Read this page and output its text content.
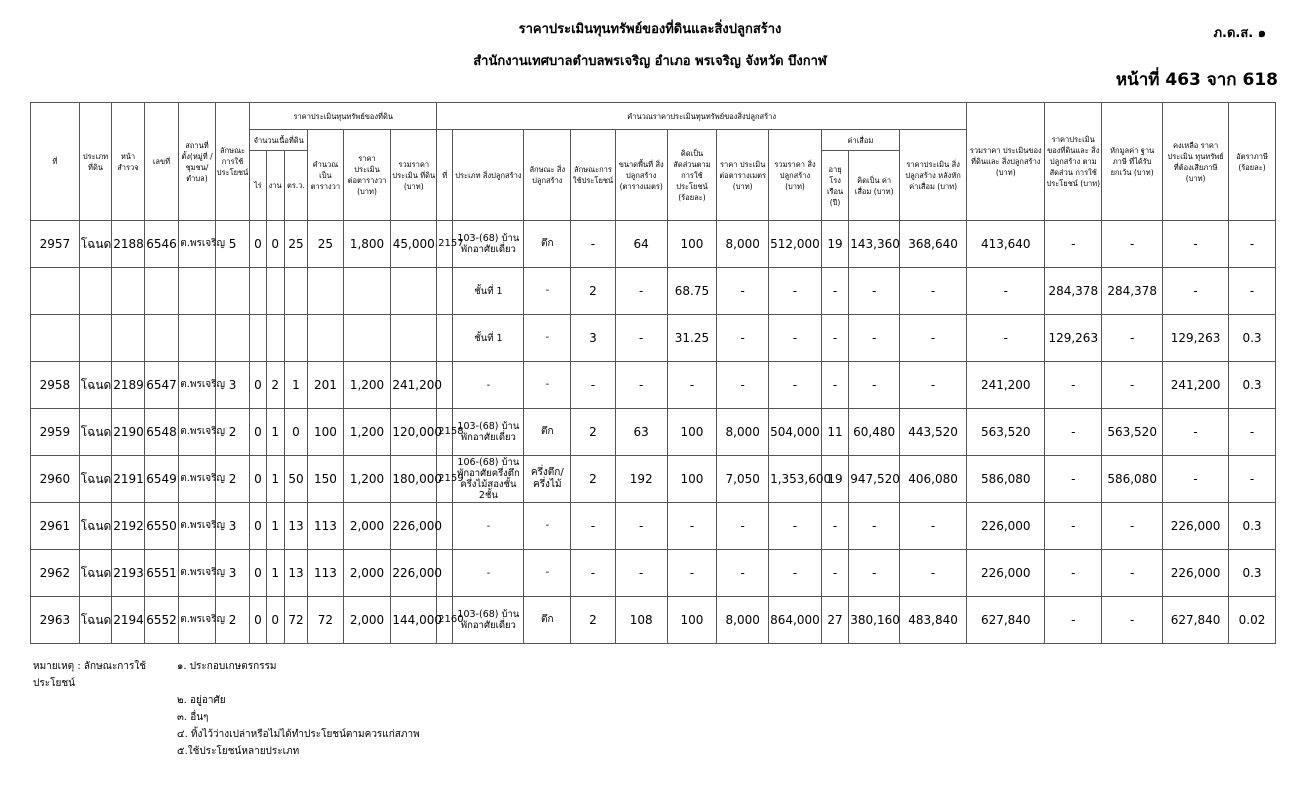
ราคาประเมินทุนทรัพย์ของที่ดินและสิ่งปลูกสร้าง
สำนักงานเทศบาลตำบลพรเจริญ อำเภอ พรเจริญ จังหวัด บึงกาฬ
ภ.ด.ส. ๑
หน้าที่ 463 จาก 618
ที่	ประเภท ที่ดิน	หน้า สำรวจ	เลขที่	สถานที่ ตั้ง(หมู่ที่ /ชุมชน/ ตำบล)	ลักษณะ การใช้ ประโยชน์	ราคาประเมินทุนทรัพย์ของที่ดิน						คำนวณราคาประเมินทุนทรัพย์ของสิ่งปลูกสร้าง											รวมราคา ประเมินของ ที่ดินและ สิ่งปลูกสร้าง (บาท)	ราคาประเมิน ของที่ดินและ สิ่งปลูกสร้าง ตามสัดส่วน การใช้ประโยชน์ (บาท)	หักมูลค่า ฐานภาษี ที่ได้รับ ยกเว้น (บาท)	คงเหลือ ราคาประเมิน ทุนทรัพย์ ที่ต้องเสียภาษี (บาท)	อัตราภาษี (ร้อยละ)
						จำนวนเนื้อที่ดิน			คำนวณ เป็น ตารางวา	ราคา ประเมิน ต่อตารางวา (บาท)	รวมราคา ประเมิน ที่ดิน (บาท)	ที่	ประเภท สิ่งปลูกสร้าง	ลักษณะ สิ่งปลูกสร้าง	ลักษณะการ ใช้ประโยชน์	ขนาดพื้นที่ สิ่งปลูกสร้าง (ตารางเมตร)	คิดเป็น สัดส่วนตาม การใช้ ประโยชน์ (ร้อยละ)	ราคา ประเมิน ต่อตารางเมตร (บาท)	รวมราคา สิ่งปลูกสร้าง (บาท)	ค่าเสื่อม		ราคาประเมิน สิ่งปลูกสร้าง หลังหัก ค่าเสื่อม (บาท)					
						ไร่	งาน	ตร.ว.												อายุ โรงเรือน (ปี)	คิดเป็น ค่าเสื่อม (บาท)						
2957	โฉนด	2188	6546	ต.พรเจริญ	5	0	0	25	25	1,800	45,000	2157	103-(68) บ้านพักอาศัยเดี่ยว	ตึก	-	64	100	8,000	512,000	19	143,360	368,640	413,640	-	-	-	-
													ชั้นที่ 1	-	2	-	68.75	-	-	-	-	-	-	284,378	284,378	-	-
													ชั้นที่ 1	-	3	-	31.25	-	-	-	-	-	-	129,263	-	129,263	0.3
2958	โฉนด	2189	6547	ต.พรเจริญ	3	0	2	1	201	1,200	241,200		-	-	-	-	-	-	-	-	-	-	241,200	-	-	241,200	0.3
2959	โฉนด	2190	6548	ต.พรเจริญ	2	0	1	0	100	1,200	120,000	2158	103-(68) บ้านพักอาศัยเดี่ยว	ตึก	2	63	100	8,000	504,000	11	60,480	443,520	563,520	-	563,520	-	-
2960	โฉนด	2191	6549	ต.พรเจริญ	2	0	1	50	150	1,200	180,000	2159	106-(68) บ้านพักอาศัยครึ่งตึกครึ่งไม้สองชั้น 2ชั้น	ครึ่งตึก/ครึ่งไม้	2	192	100	7,050	1,353,600	19	947,520	406,080	586,080	-	586,080	-	-
2961	โฉนด	2192	6550	ต.พรเจริญ	3	0	1	13	113	2,000	226,000		-	-	-	-	-	-	-	-	-	-	226,000	-	-	226,000	0.3
2962	โฉนด	2193	6551	ต.พรเจริญ	3	0	1	13	113	2,000	226,000		-	-	-	-	-	-	-	-	-	-	226,000	-	-	226,000	0.3
2963	โฉนด	2194	6552	ต.พรเจริญ	2	0	0	72	72	2,000	144,000	2160	103-(68) บ้านพักอาศัยเดี่ยว	ตึก	2	108	100	8,000	864,000	27	380,160	483,840	627,840	-	-	627,840	0.02
หมายเหตุ : ลักษณะการใช้ประโยชน์
๑. ประกอบเกษตรกรรม
๒. อยู่อาศัย
๓. อื่นๆ
๔. ทิ้งไว้ว่างเปล่าหรือไม่ได้ทำประโยชน์ตามควรแก่สภาพ
๕.ใช้ประโยชน์หลายประเภท
